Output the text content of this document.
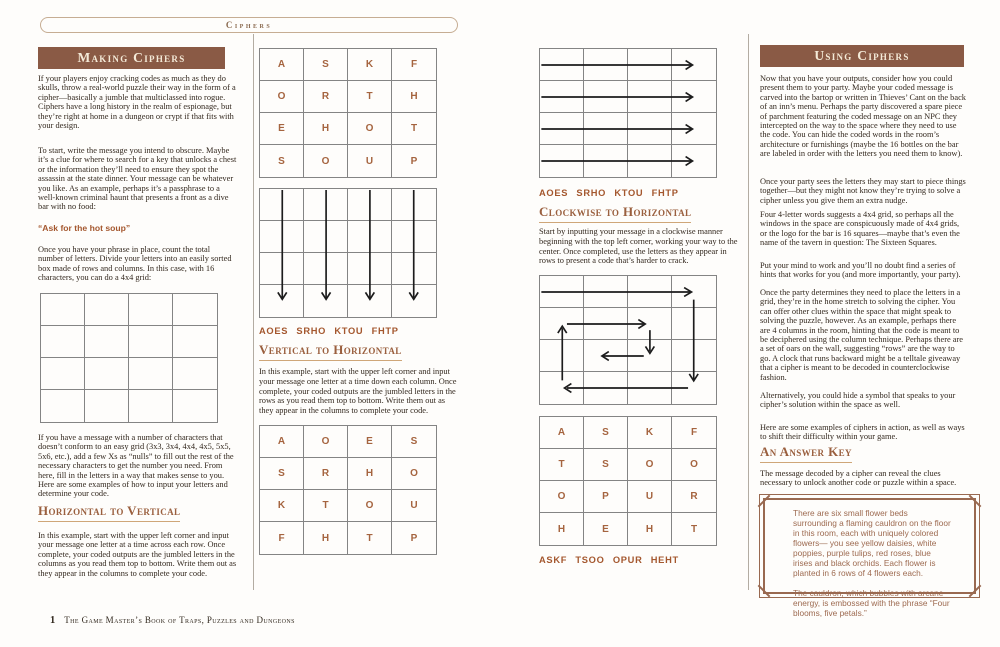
Ciphers
Making Ciphers
If your players enjoy cracking codes as much as they do skulls, throw a real-world puzzle their way in the form of a cipher—basically a jumble that multiclassed into rogue. Ciphers have a long history in the realm of espionage, but they’re right at home in a dungeon or crypt if that fits with your design.
To start, write the message you intend to obscure. Maybe it’s a clue for where to search for a key that unlocks a chest or the information they’ll need to ensure they spot the assassin at the state dinner. Your message can be whatever you like. As an example, perhaps it’s a passphrase to a well-known criminal haunt that presents a front as a dive bar with no food:
“Ask for the hot soup”
Once you have your phrase in place, count the total number of letters. Divide your letters into an easily sorted box made of rows and columns. In this case, with 16 characters, you can do a 4x4 grid:
If you have a message with a number of characters that doesn’t conform to an easy grid (3x3, 3x4, 4x4, 4x5, 5x5, 5x6, etc.), add a few Xs as “nulls” to fill out the rest of the necessary characters to get the number you need. From here, fill in the letters in a way that makes sense to you. Here are some examples of how to input your letters and determine your code.
Horizontal to Vertical
In this example, start with the upper left corner and input your message one letter at a time across each row. Once complete, your coded outputs are the jumbled letters in the columns as you read them top to bottom. Write them out as they appear in the columns to complete your code.
A	S	K	F
O	R	T	H
E	H	O	T
S	O	U	P
AOES SRHO KTOU FHTP
Vertical to Horizontal
In this example, start with the upper left corner and input your message one letter at a time down each column. Once complete, your coded outputs are the jumbled letters in the rows as you read them top to bottom. Write them out as they appear in the columns to complete your code.
A	O	E	S
S	R	H	O
K	T	O	U
F	H	T	P
AOES SRHO KTOU FHTP
Clockwise to Horizontal
Start by inputting your message in a clockwise manner beginning with the top left corner, working your way to the center. Once completed, use the letters as they appear in rows to present a code that’s harder to crack.
A	S	K	F
T	S	O	O
O	P	U	R
H	E	H	T
ASKF TSOO OPUR HEHT
Using Ciphers
Now that you have your outputs, consider how you could present them to your party. Maybe your coded message is carved into the bartop or written in Thieves’ Cant on the back of an inn’s menu. Perhaps the party discovered a spare piece of parchment featuring the coded message on an NPC they intercepted on the way to the space where they need to use the code. You can hide the coded words in the room’s architecture or furnishings (maybe the 16 bottles on the bar are labeled in order with the letters you need them to know).
Once your party sees the letters they may start to piece things together—but they might not know they’re trying to solve a cipher unless you give them an extra nudge.
Four 4-letter words suggests a 4x4 grid, so perhaps all the windows in the space are conspicuously made of 4x4 grids, or the logo for the bar is 16 squares—maybe that’s even the name of the tavern in question: The Sixteen Squares.
Put your mind to work and you’ll no doubt find a series of hints that works for you (and more importantly, your party).
Once the party determines they need to place the letters in a grid, they’re in the home stretch to solving the cipher. You can offer other clues within the space that might speak to solving the puzzle, however. As an example, perhaps there are 4 columns in the room, hinting that the code is meant to be deciphered using the column technique. Perhaps there are a set of oars on the wall, suggesting “rows” are the way to go. A clock that runs backward might be a telltale giveaway that a cipher is meant to be decoded in counterclockwise fashion.
Alternatively, you could hide a symbol that speaks to your cipher’s solution within the space as well.
Here are some examples of ciphers in action, as well as ways to shift their difficulty within your game.
An Answer Key
The message decoded by a cipher can reveal the clues necessary to unlock another code or puzzle within a space.
There are six small flower beds surrounding a flaming cauldron on the floor in this room, each with uniquely colored flowers— you see yellow daisies, white poppies, purple tulips, red roses, blue irises and black orchids. Each flower is planted in 6 rows of 4 flowers each.
The cauldron, which bubbles with arcane energy, is embossed with the phrase “Four blooms, five petals.”
1 The Game Master’s Book of Traps, Puzzles and Dungeons
